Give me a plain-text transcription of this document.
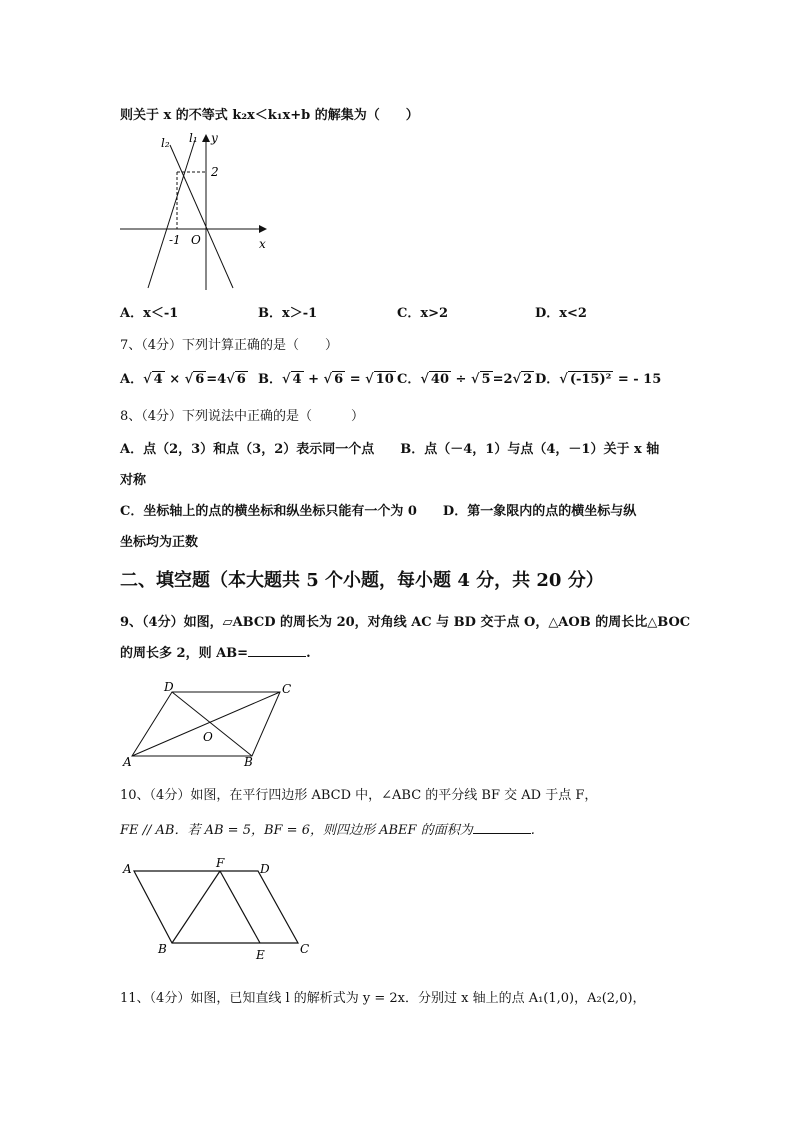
则关于 x 的不等式 k₂x＜k₁x+b 的解集为（　　）
l₂ l₁ y
2
-1 O	x
A．x＜-1	B．x＞-1	C．x>2	D．x<2
7、（4分）下列计算正确的是（　　）
A．√ 4 × √ 6 =4√ 6 B．√ 4 + √ 6 = √ 10 C．√ 40 ÷ √ 5 =2√ 2 D．√ (-15)² = - 15
8、（4分）下列说法中正确的是（　　　）
A．点（2，3）和点（3，2）表示同一个点　　B．点（－4，1）与点（4，－1）关于 x 轴
对称
C．坐标轴上的点的横坐标和纵坐标只能有一个为 0　　D．第一象限内的点的横坐标与纵
坐标均为正数
二、填空题（本大题共 5 个小题，每小题 4 分，共 20 分）
9、（4分）如图，▱ABCD 的周长为 20，对角线 AC 与 BD 交于点 O，△AOB 的周长比△BOC
的周长多 2，则 AB=	.
D	C
A	B
O
10、（4分）如图，在平行四边形 ABCD 中，∠ABC 的平分线 BF 交 AD 于点 F，
FE // AB．若 AB = 5，BF = 6，则四边形 ABEF 的面积为	.
A	F	D
B	E	C
11、（4分）如图，已知直线 l 的解析式为 y = 2x．分别过 x 轴上的点 A₁(1,0)，A₂(2,0)，
